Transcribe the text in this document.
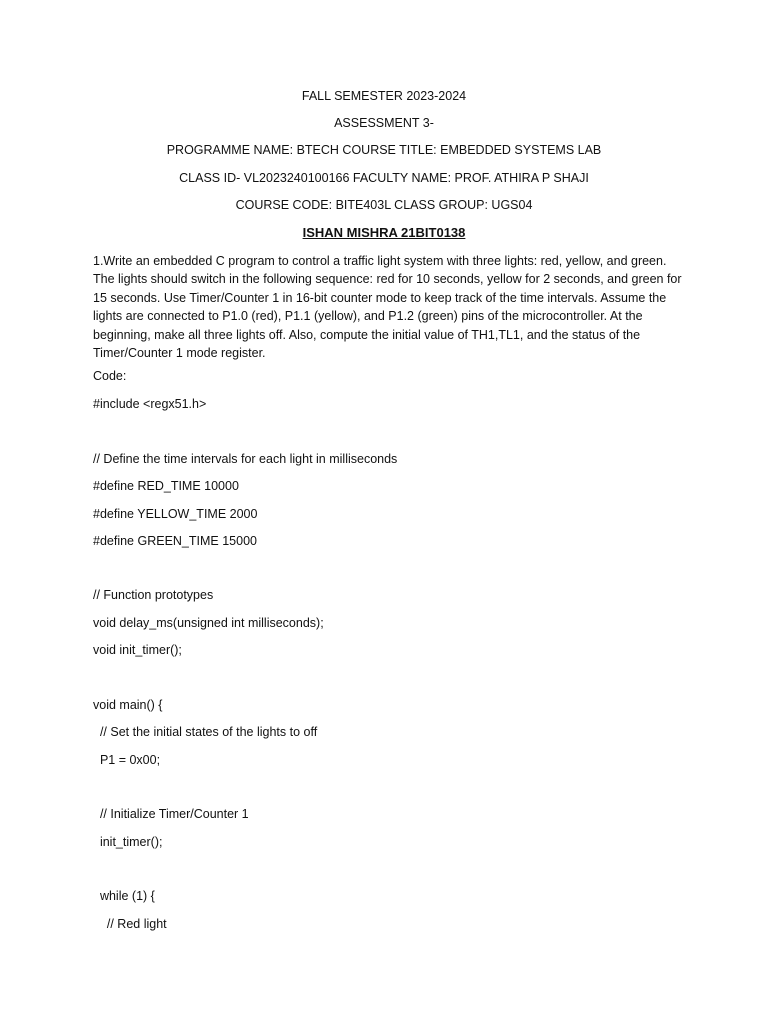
FALL SEMESTER 2023-2024
ASSESSMENT 3-
PROGRAMME NAME: BTECH COURSE TITLE: EMBEDDED SYSTEMS LAB
CLASS ID- VL2023240100166 FACULTY NAME: PROF. ATHIRA P SHAJI
COURSE CODE: BITE403L CLASS GROUP: UGS04
ISHAN MISHRA 21BIT0138

1.Write an embedded C program to control a traffic light system with three lights: red, yellow, and green. The lights should switch in the following sequence: red for 10 seconds, yellow for 2 seconds, and green for 15 seconds. Use Timer/Counter 1 in 16-bit counter mode to keep track of the time intervals. Assume the lights are connected to P1.0 (red), P1.1 (yellow), and P1.2 (green) pins of the microcontroller. At the beginning, make all three lights off. Also, compute the initial value of TH1,TL1, and the status of the Timer/Counter 1 mode register.

Code:
#include <regx51.h>
// Define the time intervals for each light in milliseconds
#define RED_TIME 10000
#define YELLOW_TIME 2000
#define GREEN_TIME 15000
// Function prototypes
void delay_ms(unsigned int milliseconds);
void init_timer();
void main() {
// Set the initial states of the lights to off
P1 = 0x00;
// Initialize Timer/Counter 1
init_timer();
while (1) {
// Red light
